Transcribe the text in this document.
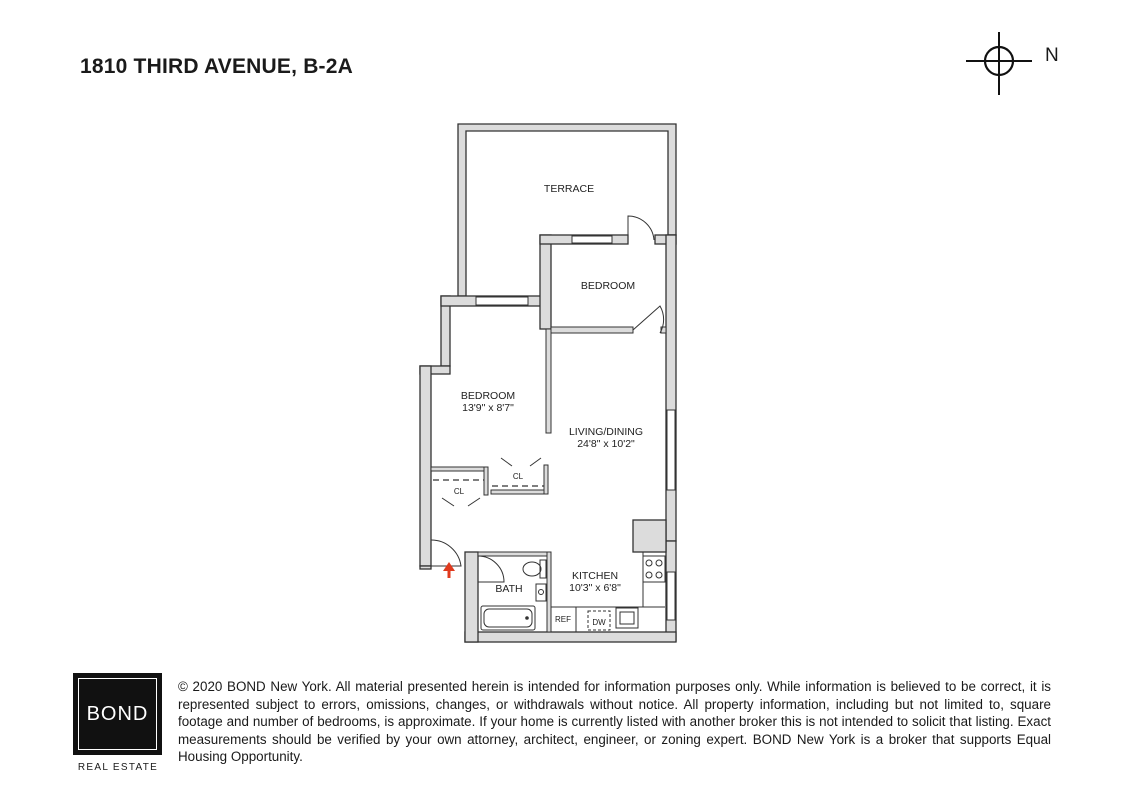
1810 THIRD AVENUE, B-2A	N
TERRACE
BEDROOM
BEDROOM
13'9" x 8'7"
LIVING/DINING
24'8" x 10'2"
KITCHEN
10'3" x 6'8"
BATH
CL
CL
REF	DW
BOND
REAL ESTATE
© 2020 BOND New York. All material presented herein is intended for information purposes only. While information is believed to be correct, it is represented subject to errors, omissions, changes, or withdrawals without notice. All property information, including but not limited to, square footage and number of bedrooms, is approximate. If your home is currently listed with another broker this is not intended to solicit that listing. Exact measurements should be verified by your own attorney, architect, engineer, or zoning expert. BOND New York is a broker that supports Equal Housing Opportunity.
